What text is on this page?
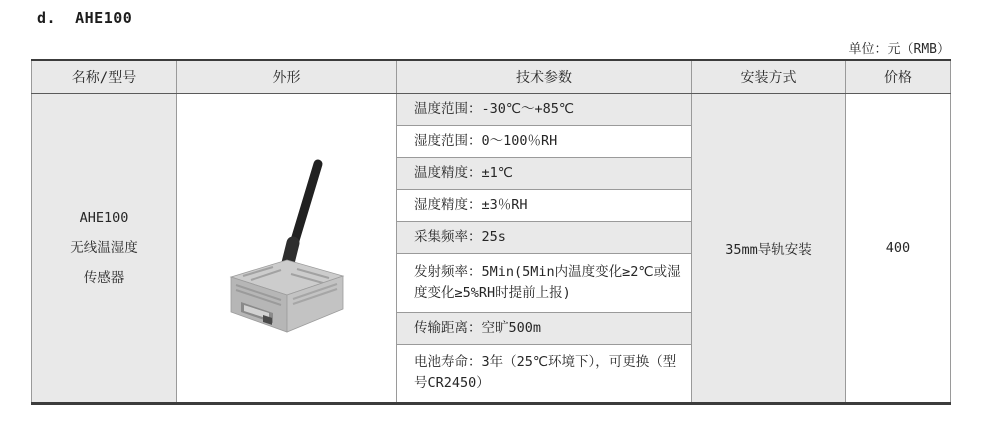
d.  AHE100
单位：元（RMB）
名称/型号	外形	技术参数	安装方式	价格

AHE100
无线温湿度
传感器		温度范围：-30℃～+85℃	35mm导轨安装	400
		湿度范围：0～100％RH		
		温度精度：±1℃		
		湿度精度：±3％RH		
		采集频率：25s		
		发射频率：5Min(5Min内温度变化≥2℃或湿度变化≥5%RH时提前上报)		
		传输距离：空旷500m		
		电池寿命：3年（25℃环境下），可更换（型号CR2450）		
